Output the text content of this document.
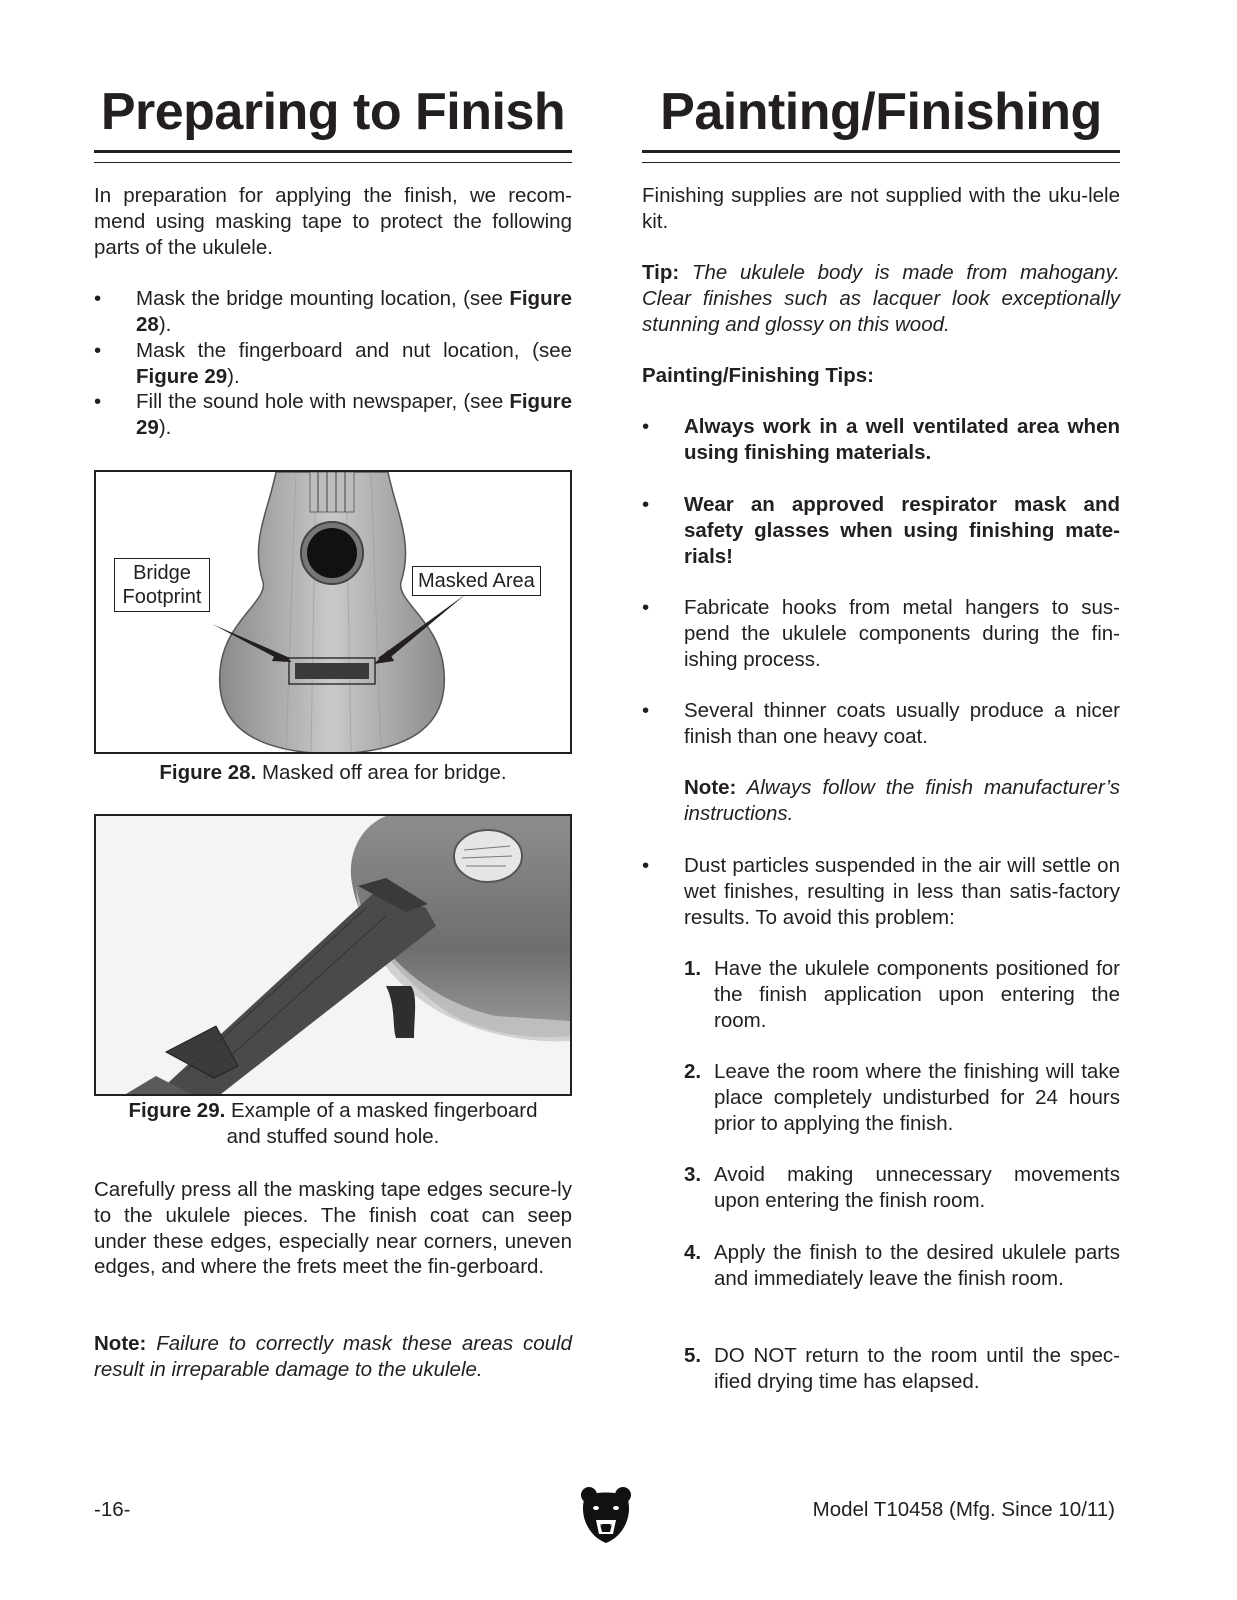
Preparing to Finish

In preparation for applying the finish, we recom-mend using masking tape to protect the following parts of the ukulele.

• Mask the bridge mounting location, (see Figure 28).
• Mask the fingerboard and nut location, (see Figure 29).
• Fill the sound hole with newspaper, (see Figure 29).
Bridge
Footprint
Masked Area
Figure 28. Masked off area for bridge.
Figure 29. Example of a masked fingerboard
and stuffed sound hole.

Carefully press all the masking tape edges secure-ly to the ukulele pieces. The finish coat can seep under these edges, especially near corners, uneven edges, and where the frets meet the fin-gerboard.

Note: Failure to correctly mask these areas could result in irreparable damage to the ukulele.

Painting/Finishing

Finishing supplies are not supplied with the uku-lele kit.

Tip: The ukulele body is made from mahogany. Clear finishes such as lacquer look exceptionally stunning and glossy on this wood.

Painting/Finishing Tips:

• Always work in a well ventilated area when using finishing materials.
• Wear an approved respirator mask and safety glasses when using finishing mate-rials!
• Fabricate hooks from metal hangers to sus-pend the ukulele components during the fin-ishing process.
• Several thinner coats usually produce a nicer finish than one heavy coat.
Note: Always follow the finish manufacturer’s instructions.
• Dust particles suspended in the air will settle on wet finishes, resulting in less than satis-factory results. To avoid this problem:
1. Have the ukulele components positioned for the finish application upon entering the room.
2. Leave the room where the finishing will take place completely undisturbed for 24 hours prior to applying the finish.
3. Avoid making unnecessary movements upon entering the finish room.
4. Apply the finish to the desired ukulele parts and immediately leave the finish room.
5. DO NOT return to the room until the spec-ified drying time has elapsed.
-16-	Model T10458 (Mfg. Since 10/11)
